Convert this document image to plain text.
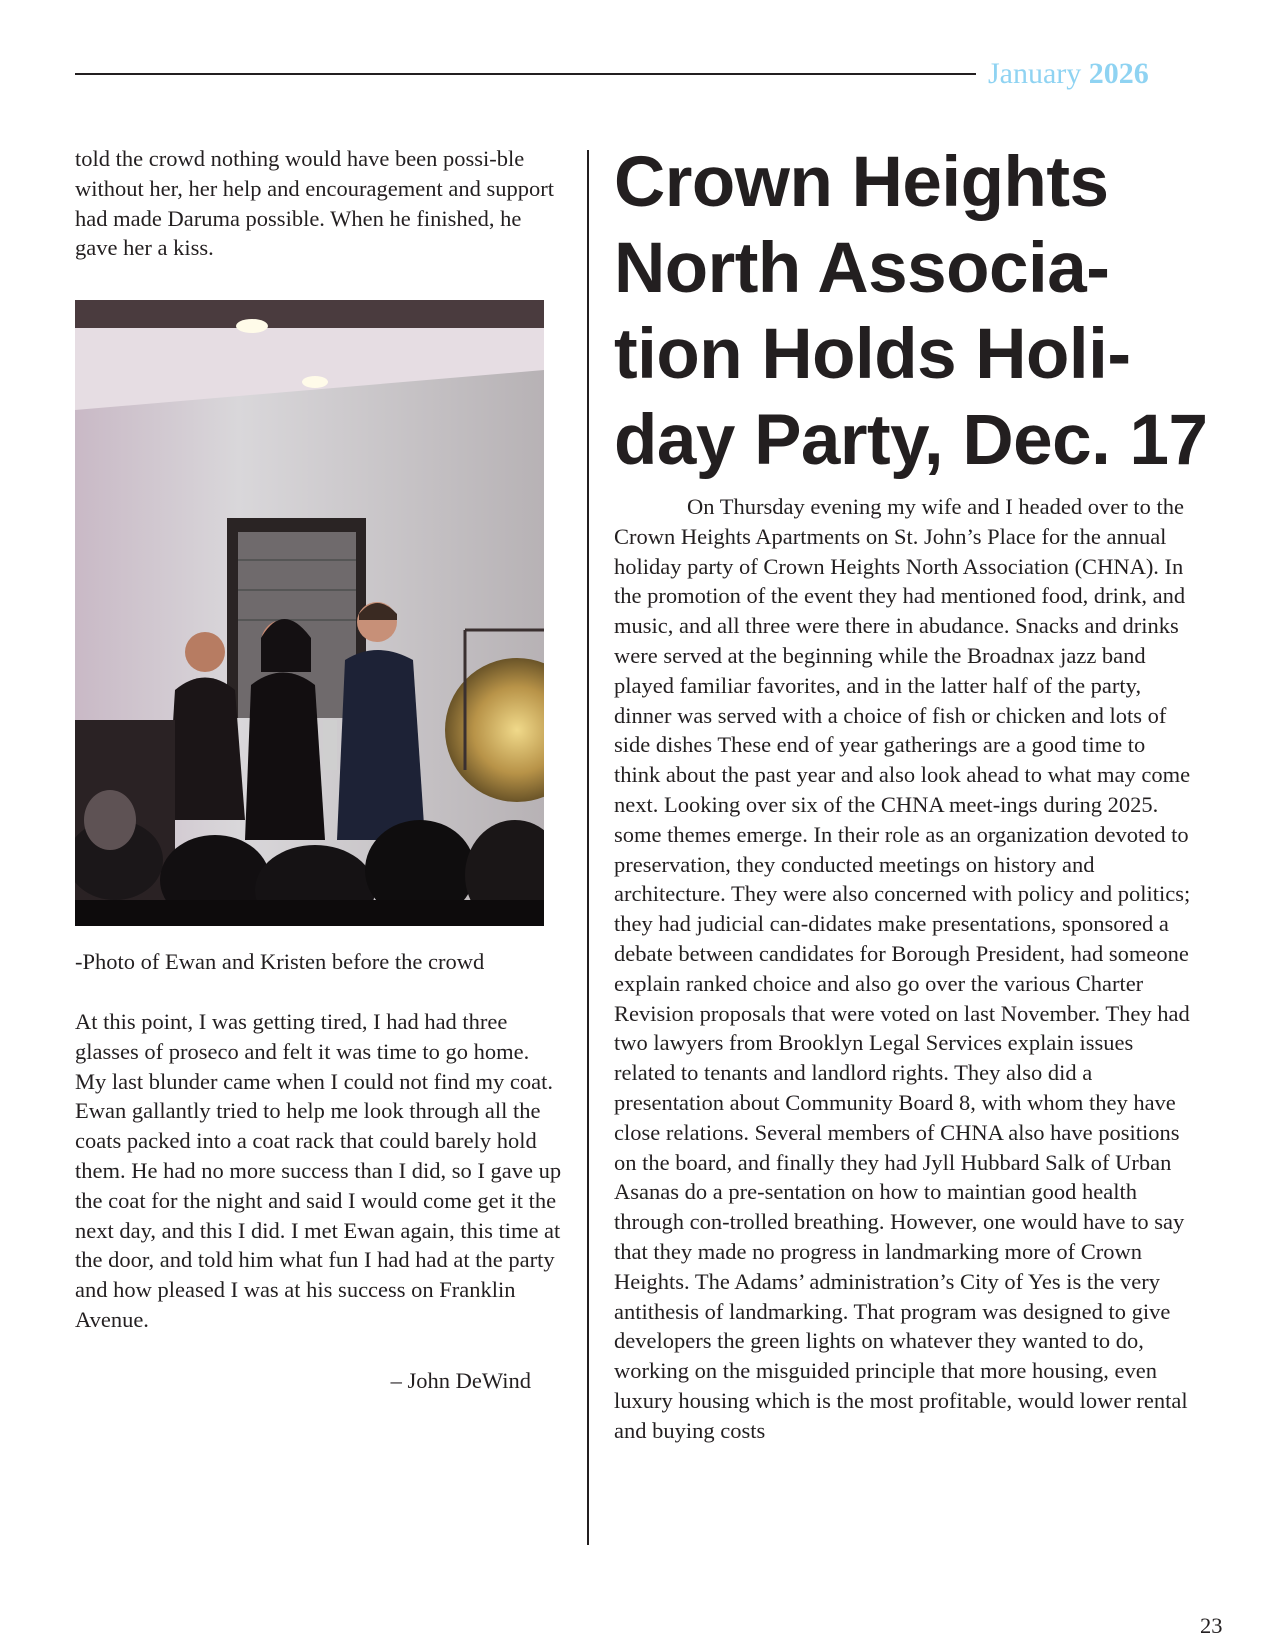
January 2026

told the crowd nothing would have been possi-ble without her, her help and encouragement and support had made Daruma possible. When he finished, he gave her a kiss.

-Photo of Ewan and Kristen before the crowd

At this point, I was getting tired, I had had three glasses of proseco and felt it was time to go home. My last blunder came when I could not find my coat. Ewan gallantly tried to help me look through all the coats packed into a coat rack that could barely hold them. He had no more success than I did, so I gave up the coat for the night and said I would come get it the next day, and this I did. I met Ewan again, this time at the door, and told him what fun I had had at the party and how pleased I was at his success on Franklin Avenue.

– John DeWind
Crown Heights North Associa-tion Holds Holi-day Party, Dec. 17

On Thursday evening my wife and I headed over to the Crown Heights Apartments on St. John’s Place for the annual holiday party of Crown Heights North Association (CHNA). In the promotion of the event they had mentioned food, drink, and music, and all three were there in abudance. Snacks and drinks were served at the beginning while the Broadnax jazz band played familiar favorites, and in the latter half of the party, dinner was served with a choice of fish or chicken and lots of side dishes These end of year gatherings are a good time to think about the past year and also look ahead to what may come next. Looking over six of the CHNA meet-ings during 2025. some themes emerge. In their role as an organization devoted to preservation, they conducted meetings on history and architecture. They were also concerned with policy and politics; they had judicial can-didates make presentations, sponsored a debate between candidates for Borough President, had someone explain ranked choice and also go over the various Charter Revision proposals that were voted on last November. They had two lawyers from Brooklyn Legal Services explain issues related to tenants and landlord rights. They also did a presentation about Community Board 8, with whom they have close relations. Several members of CHNA also have positions on the board, and finally they had Jyll Hubbard Salk of Urban Asanas do a pre-sentation on how to maintian good health through con-trolled breathing. However, one would have to say that they made no progress in landmarking more of Crown Heights. The Adams’ administration’s City of Yes is the very antithesis of landmarking. That program was designed to give developers the green lights on whatever they wanted to do, working on the misguided principle that more housing, even luxury housing which is the most profitable, would lower rental and buying costs

23
